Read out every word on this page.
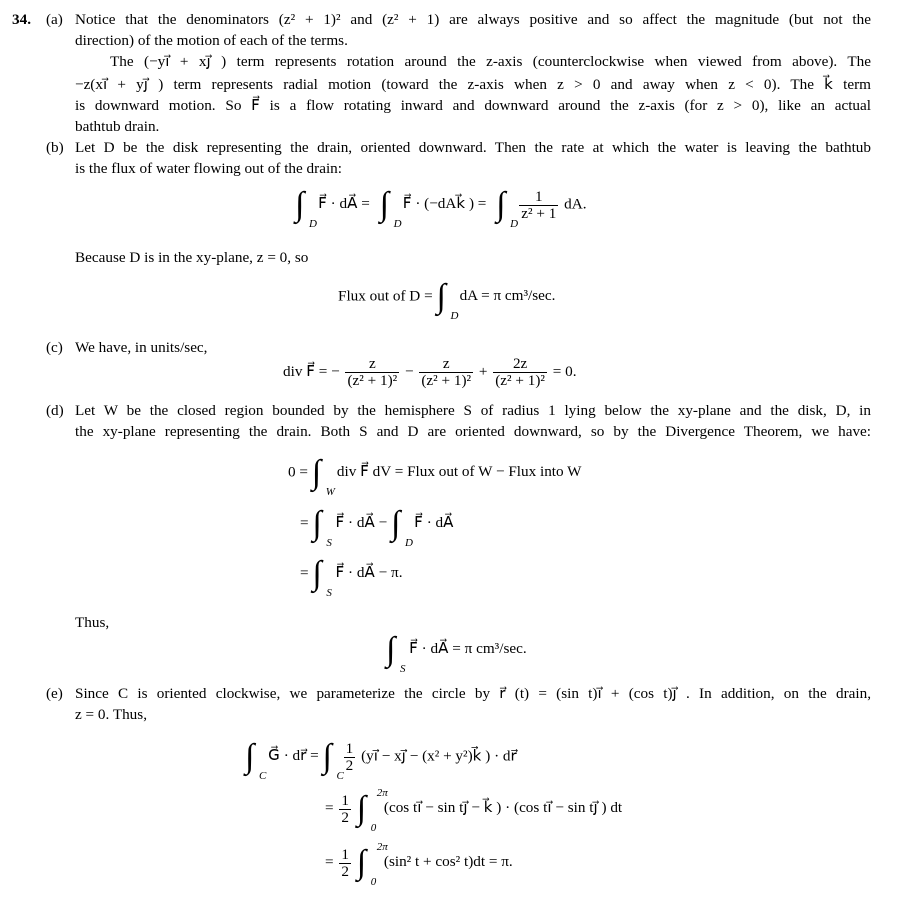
34. (a) Notice that the denominators (z² + 1)² and (z² + 1) are always positive and so affect the magnitude (but not the
direction) of the motion of each of the terms.
The (−yi⃗ + xj⃗ ) term represents rotation around the z-axis (counterclockwise when viewed from above). The
−z(xi⃗ + yj⃗ ) term represents radial motion (toward the z-axis when z > 0 and away when z < 0). The k⃗ term
is downward motion. So F⃗ is a flow rotating inward and downward around the z-axis (for z > 0), like an actual
bathtub drain.
(b) Let D be the disk representing the drain, oriented downward. Then the rate at which the water is leaving the bathtub
is the flux of water flowing out of the drain:
∫
D
F⃗ · dA⃗ = ∫
D
F⃗ · (−dAk⃗ ) = ∫
D

$\frac{1}{\text{z² + 1}}$ dA.
Because D is in the xy-plane, z = 0, so
Flux out of D = ∫
D
dA = π cm³/sec.
(c) We have, in units/sec,
div F⃗ = − $\frac{z}{\text{(z² + 1)²}} - \frac{z}{\text{(z² + 1)²}} + \frac{2z}{\text{(z² + 1)²}} = 0$.
(d) Let W be the closed region bounded by the hemisphere S of radius 1 lying below the xy-plane and the disk, D, in
the xy-plane representing the drain. Both S and D are oriented downward, so by the Divergence Theorem, we have:
0 = ∫
W
div F⃗ dV = Flux out of W − Flux into W
= ∫
S
F⃗ · dA⃗ − ∫
D
F⃗ · dA⃗
= ∫
S
F⃗ · dA⃗ − π.
Thus,
∫
S
F⃗ · dA⃗ = π cm³/sec.
(e) Since C is oriented clockwise, we parameterize the circle by r⃗ (t) = (sin t)i⃗ + (cos t)j⃗ . In addition, on the drain,
z = 0. Thus,
∫
C
G⃗ · dr⃗ = ∫
C

$\frac{1}{2}$ (yi⃗ − xj⃗ − (x² + y²)k⃗ ) · dr⃗
= $\frac{1}{2}$ ∫ 2π
0
(cos ti⃗ − sin tj⃗ − k⃗ ) · (cos ti⃗ − sin tj⃗ ) dt
= $\frac{1}{2}$ ∫ 2π
0
(sin² t + cos² t)dt = π.
